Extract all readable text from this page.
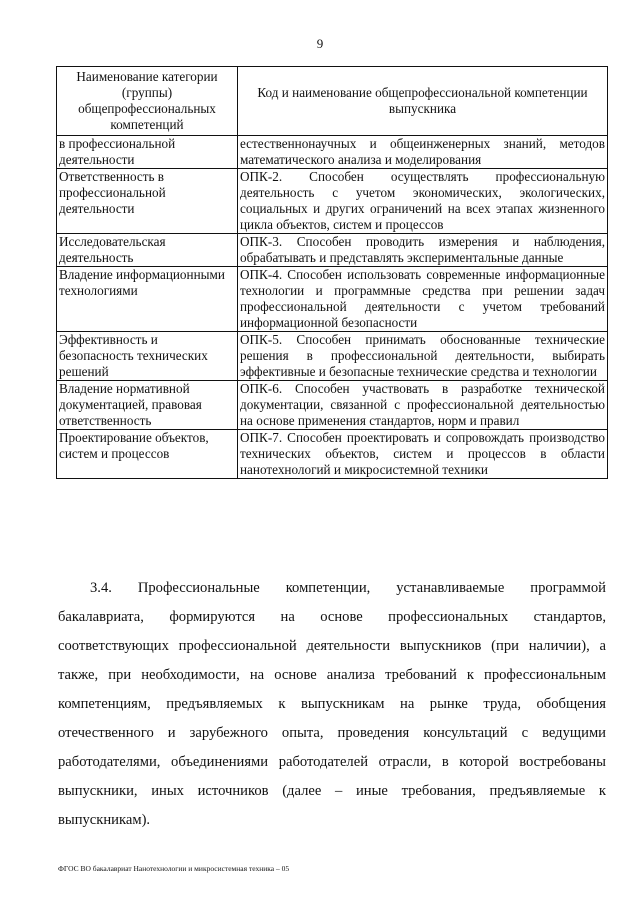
9
Наименование категории (группы) общепрофессиональных компетенций	Код и наименование общепрофессиональной компетенции выпускника
в профессиональной деятельности	естественнонаучных и общеинженерных знаний, методов математического анализа и моделирования
Ответственность в профессиональной деятельности	ОПК-2. Способен осуществлять профессиональную деятельность с учетом экономических, экологических, социальных и других ограничений на всех этапах жизненного цикла объектов, систем и процессов
Исследовательская деятельность	ОПК-3. Способен проводить измерения и наблюдения, обрабатывать и представлять экспериментальные данные
Владение информационными технологиями	ОПК-4. Способен использовать современные информационные технологии и программные средства при решении задач профессиональной деятельности с учетом требований информационной безопасности
Эффективность и безопасность технических решений	ОПК-5. Способен принимать обоснованные технические решения в профессиональной деятельности, выбирать эффективные и безопасные технические средства и технологии
Владение нормативной документацией, правовая ответственность	ОПК-6. Способен участвовать в разработке технической документации, связанной с профессиональной деятельностью на основе применения стандартов, норм и правил
Проектирование объектов, систем и процессов	ОПК-7. Способен проектировать и сопровождать производство технических объектов, систем и процессов в области нанотехнологий и микросистемной техники

3.4. Профессиональные компетенции, устанавливаемые программой бакалавриата, формируются на основе профессиональных стандартов, соответствующих профессиональной деятельности выпускников (при наличии), а также, при необходимости, на основе анализа требований к профессиональным компетенциям, предъявляемых к выпускникам на рынке труда, обобщения отечественного и зарубежного опыта, проведения консультаций с ведущими работодателями, объединениями работодателей отрасли, в которой востребованы выпускники, иных источников (далее – иные требования, предъявляемые к выпускникам).

ФГОС ВО бакалавриат Нанотехнологии и микросистемная техника – 05
